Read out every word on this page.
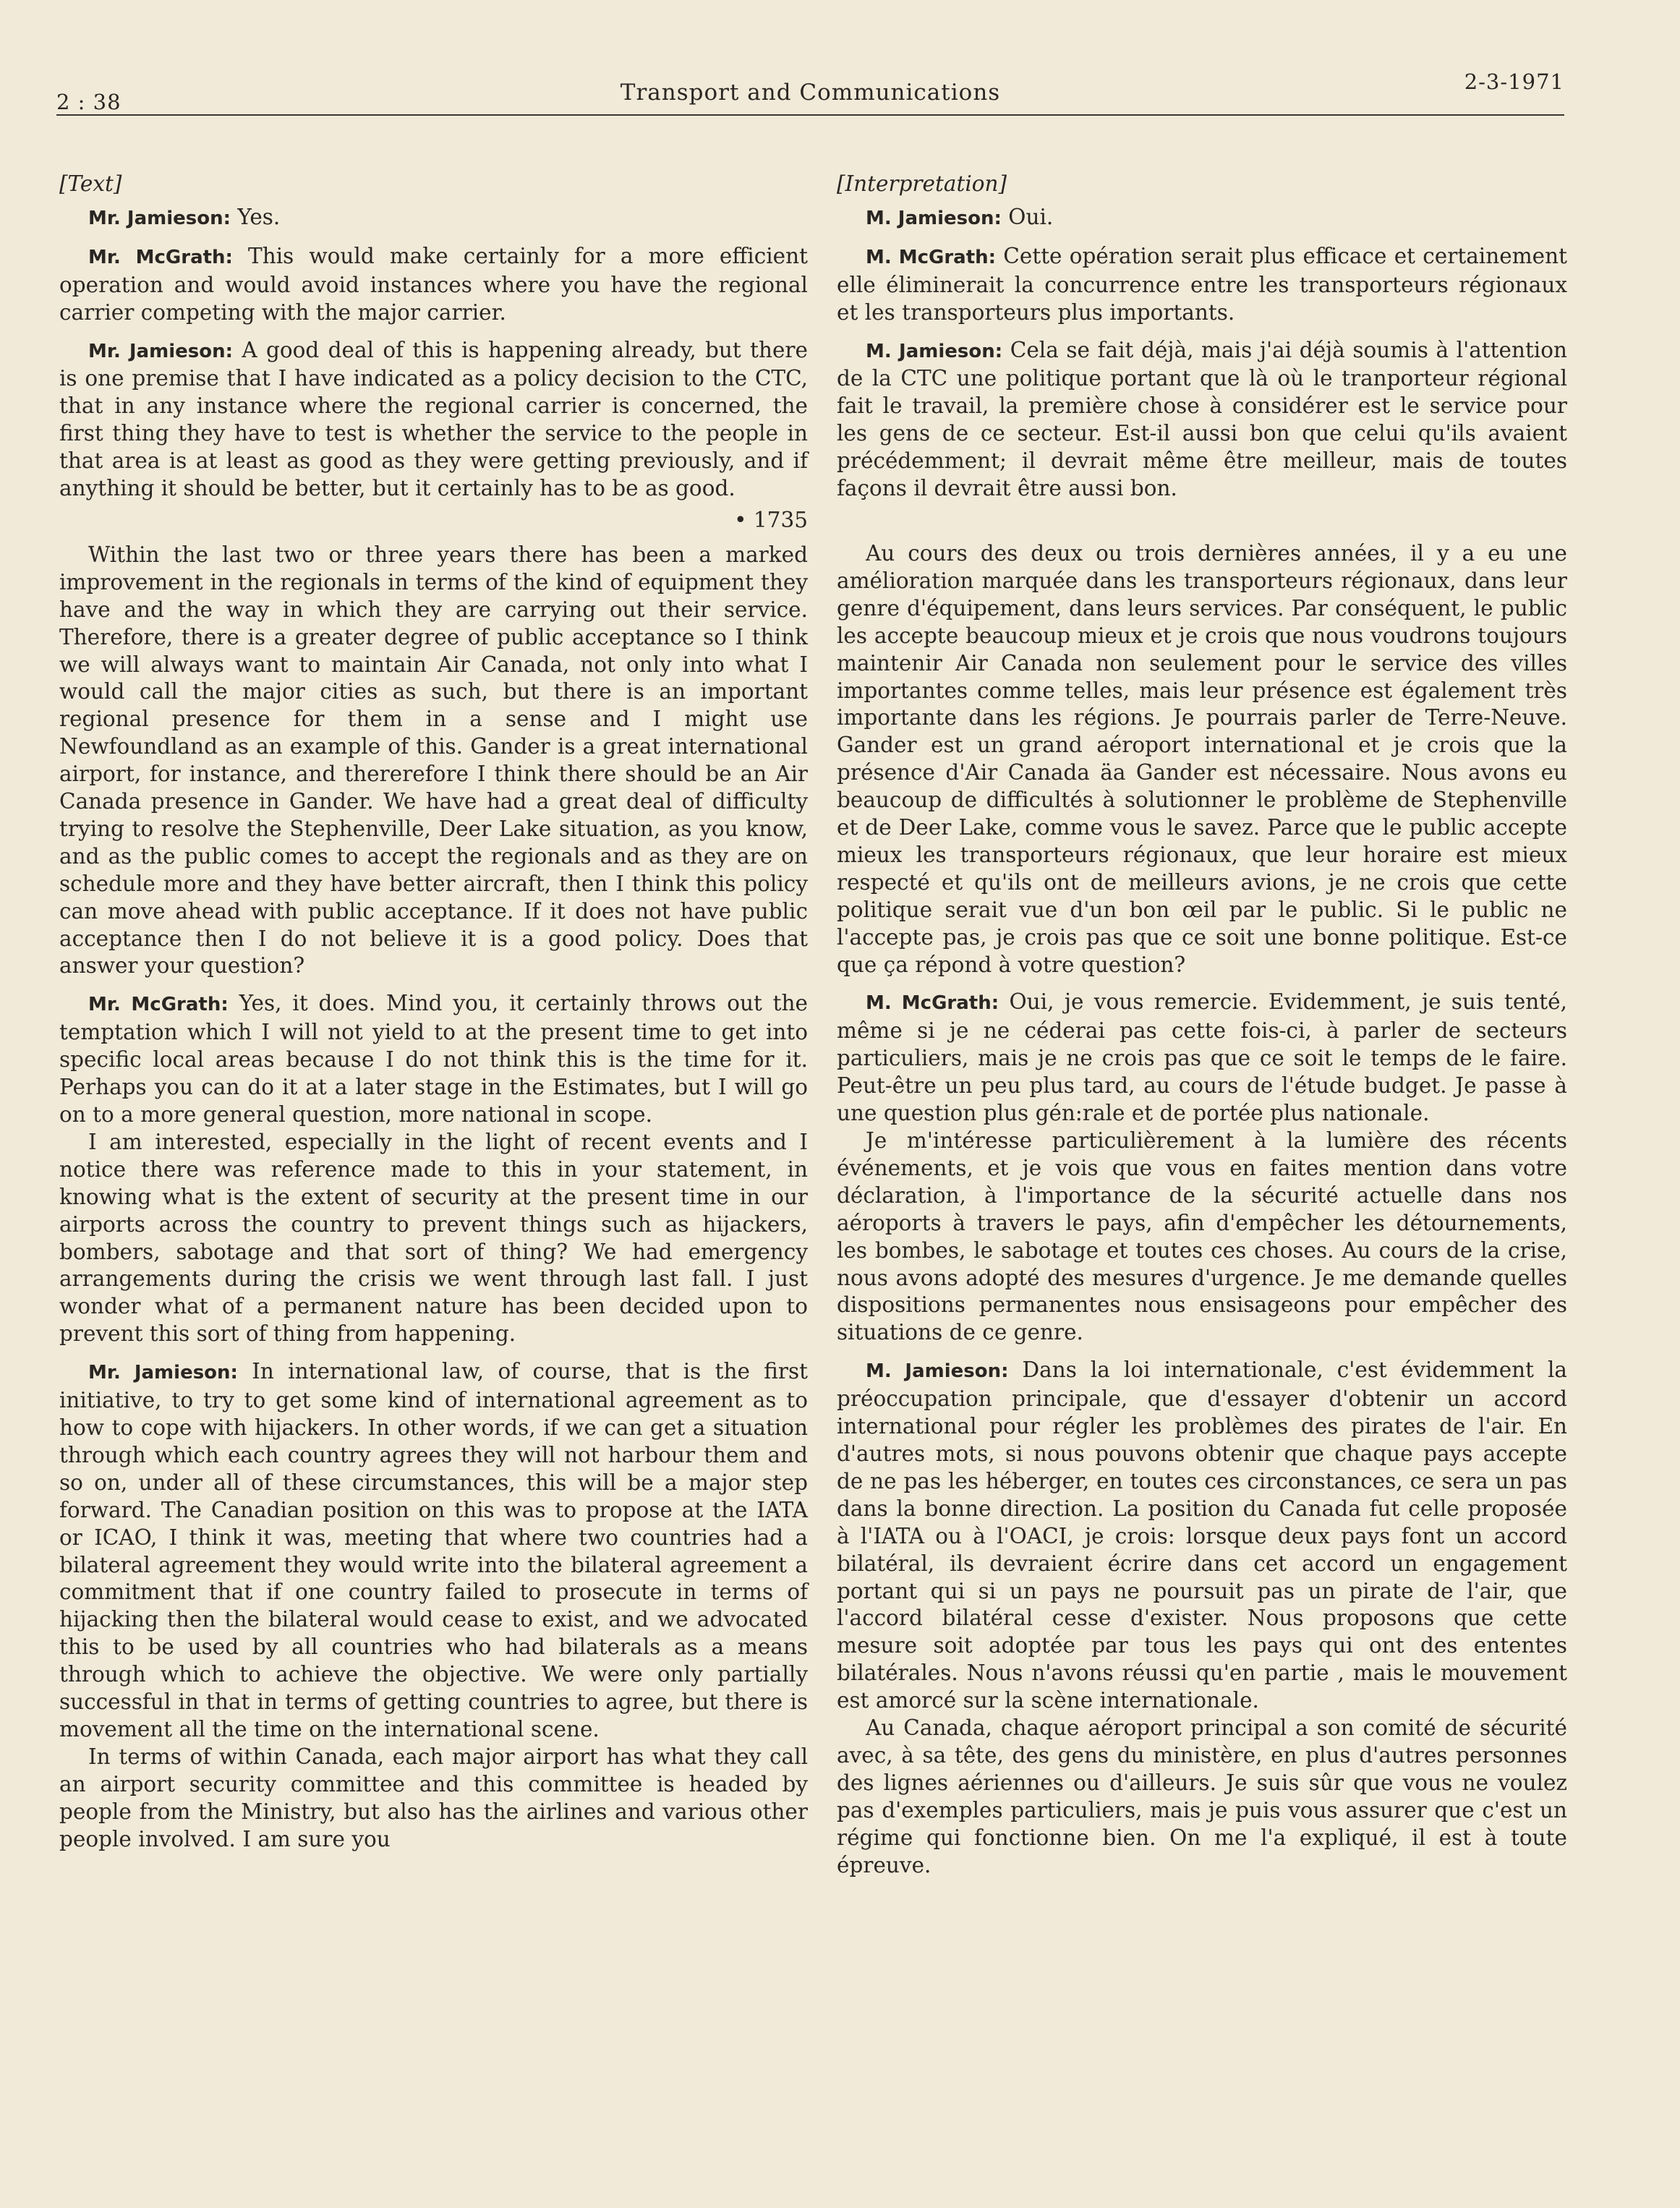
2 : 38	Transport and Communications	2-3-1971
[Text]

Mr. Jamieson: Yes.

Mr. McGrath: This would make certainly for a more efficient operation and would avoid instances where you have the regional carrier competing with the major carrier.

Mr. Jamieson: A good deal of this is happening already, but there is one premise that I have indicated as a policy decision to the CTC, that in any instance where the regional carrier is concerned, the first thing they have to test is whether the service to the people in that area is at least as good as they were getting previously, and if anything it should be better, but it certainly has to be as good.

• 1735

Within the last two or three years there has been a marked improvement in the regionals in terms of the kind of equipment they have and the way in which they are carrying out their service. Therefore, there is a greater degree of public acceptance so I think we will always want to maintain Air Canada, not only into what I would call the major cities as such, but there is an important regional presence for them in a sense and I might use Newfoundland as an example of this. Gander is a great international airport, for instance, and thererefore I think there should be an Air Canada presence in Gander. We have had a great deal of difficulty trying to resolve the Stephenville, Deer Lake situation, as you know, and as the public comes to accept the regionals and as they are on schedule more and they have better aircraft, then I think this policy can move ahead with public acceptance. If it does not have public acceptance then I do not believe it is a good policy. Does that answer your question?

Mr. McGrath: Yes, it does. Mind you, it certainly throws out the temptation which I will not yield to at the present time to get into specific local areas because I do not think this is the time for it. Perhaps you can do it at a later stage in the Estimates, but I will go on to a more general question, more national in scope.

I am interested, especially in the light of recent events and I notice there was reference made to this in your statement, in knowing what is the extent of security at the present time in our airports across the country to prevent things such as hijackers, bombers, sabotage and that sort of thing? We had emergency arrangements during the crisis we went through last fall. I just wonder what of a permanent nature has been decided upon to prevent this sort of thing from happening.

Mr. Jamieson: In international law, of course, that is the first initiative, to try to get some kind of international agreement as to how to cope with hijackers. In other words, if we can get a situation through which each country agrees they will not harbour them and so on, under all of these circumstances, this will be a major step forward. The Canadian position on this was to propose at the IATA or ICAO, I think it was, meeting that where two countries had a bilateral agreement they would write into the bilateral agreement a commitment that if one country failed to prosecute in terms of hijacking then the bilateral would cease to exist, and we advocated this to be used by all countries who had bilaterals as a means through which to achieve the objective. We were only partially successful in that in terms of getting countries to agree, but there is movement all the time on the international scene.

In terms of within Canada, each major airport has what they call an airport security committee and this committee is headed by people from the Ministry, but also has the airlines and various other people involved. I am sure you

[Interpretation]

M. Jamieson: Oui.

M. McGrath: Cette opération serait plus efficace et certainement elle éliminerait la concurrence entre les transporteurs régionaux et les transporteurs plus importants.

M. Jamieson: Cela se fait déjà, mais j'ai déjà soumis à l'attention de la CTC une politique portant que là où le tranporteur régional fait le travail, la première chose à considérer est le service pour les gens de ce secteur. Est-il aussi bon que celui qu'ils avaient précédemment; il devrait même être meilleur, mais de toutes façons il devrait être aussi bon.

Au cours des deux ou trois dernières années, il y a eu une amélioration marquée dans les transporteurs régionaux, dans leur genre d'équipement, dans leurs services. Par conséquent, le public les accepte beaucoup mieux et je crois que nous voudrons toujours maintenir Air Canada non seulement pour le service des villes importantes comme telles, mais leur présence est également très importante dans les régions. Je pourrais parler de Terre-Neuve. Gander est un grand aéroport international et je crois que la présence d'Air Canada äa Gander est nécessaire. Nous avons eu beaucoup de difficultés à solutionner le problème de Stephenville et de Deer Lake, comme vous le savez. Parce que le public accepte mieux les transporteurs régionaux, que leur horaire est mieux respecté et qu'ils ont de meilleurs avions, je ne crois que cette politique serait vue d'un bon œil par le public. Si le public ne l'accepte pas, je crois pas que ce soit une bonne politique. Est-ce que ça répond à votre question?

M. McGrath: Oui, je vous remercie. Evidemment, je suis tenté, même si je ne céderai pas cette fois-ci, à parler de secteurs particuliers, mais je ne crois pas que ce soit le temps de le faire. Peut-être un peu plus tard, au cours de l'étude budget. Je passe à une question plus gén:rale et de portée plus nationale.

Je m'intéresse particulièrement à la lumière des récents événements, et je vois que vous en faites mention dans votre déclaration, à l'importance de la sécurité actuelle dans nos aéroports à travers le pays, afin d'empêcher les détournements, les bombes, le sabotage et toutes ces choses. Au cours de la crise, nous avons adopté des mesures d'urgence. Je me demande quelles dispositions permanentes nous ensisageons pour empêcher des situations de ce genre.

M. Jamieson: Dans la loi internationale, c'est évidemment la préoccupation principale, que d'essayer d'obtenir un accord international pour régler les problèmes des pirates de l'air. En d'autres mots, si nous pouvons obtenir que chaque pays accepte de ne pas les héberger, en toutes ces circonstances, ce sera un pas dans la bonne direction. La position du Canada fut celle proposée à l'IATA ou à l'OACI, je crois: lorsque deux pays font un accord bilatéral, ils devraient écrire dans cet accord un engagement portant qui si un pays ne poursuit pas un pirate de l'air, que l'accord bilatéral cesse d'exister. Nous proposons que cette mesure soit adoptée par tous les pays qui ont des ententes bilatérales. Nous n'avons réussi qu'en partie , mais le mouvement est amorcé sur la scène internationale.

Au Canada, chaque aéroport principal a son comité de sécurité avec, à sa tête, des gens du ministère, en plus d'autres personnes des lignes aériennes ou d'ailleurs. Je suis sûr que vous ne voulez pas d'exemples particuliers, mais je puis vous assurer que c'est un régime qui fonctionne bien. On me l'a expliqué, il est à toute épreuve.
